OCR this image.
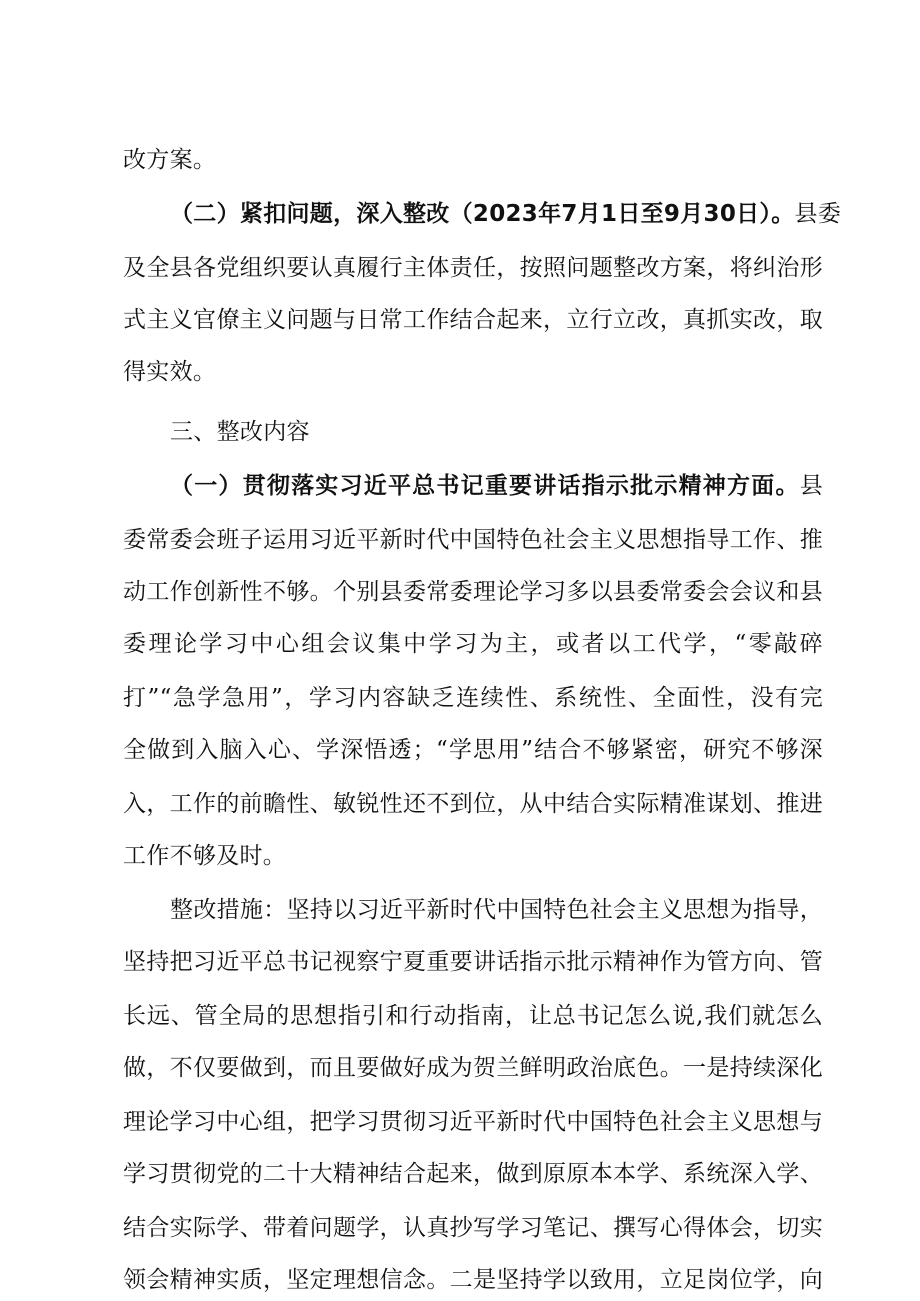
改方案。
（二）紧扣问题，深入整改（2023年7月1日至9月30日）。县委
及全县各党组织要认真履行主体责任，按照问题整改方案，将纠治形
式主义官僚主义问题与日常工作结合起来，立行立改，真抓实改，取
得实效。
三、整改内容
（一）贯彻落实习近平总书记重要讲话指示批示精神方面。县
委常委会班子运用习近平新时代中国特色社会主义思想指导工作、推
动工作创新性不够。个别县委常委理论学习多以县委常委会会议和县
委理论学习中心组会议集中学习为主，或者以工代学，“零敲碎
打”“急学急用”，学习内容缺乏连续性、系统性、全面性，没有完
全做到入脑入心、学深悟透；“学思用”结合不够紧密，研究不够深
入，工作的前瞻性、敏锐性还不到位，从中结合实际精准谋划、推进
工作不够及时。
整改措施：坚持以习近平新时代中国特色社会主义思想为指导，
坚持把习近平总书记视察宁夏重要讲话指示批示精神作为管方向、管
长远、管全局的思想指引和行动指南，让总书记怎么说,我们就怎么
做，不仅要做到，而且要做好成为贺兰鲜明政治底色。一是持续深化
理论学习中心组，把学习贯彻习近平新时代中国特色社会主义思想与
学习贯彻党的二十大精神结合起来，做到原原本本学、系统深入学、
结合实际学、带着问题学，认真抄写学习笔记、撰写心得体会，切实
领会精神实质，坚定理想信念。二是坚持学以致用，立足岗位学，向
